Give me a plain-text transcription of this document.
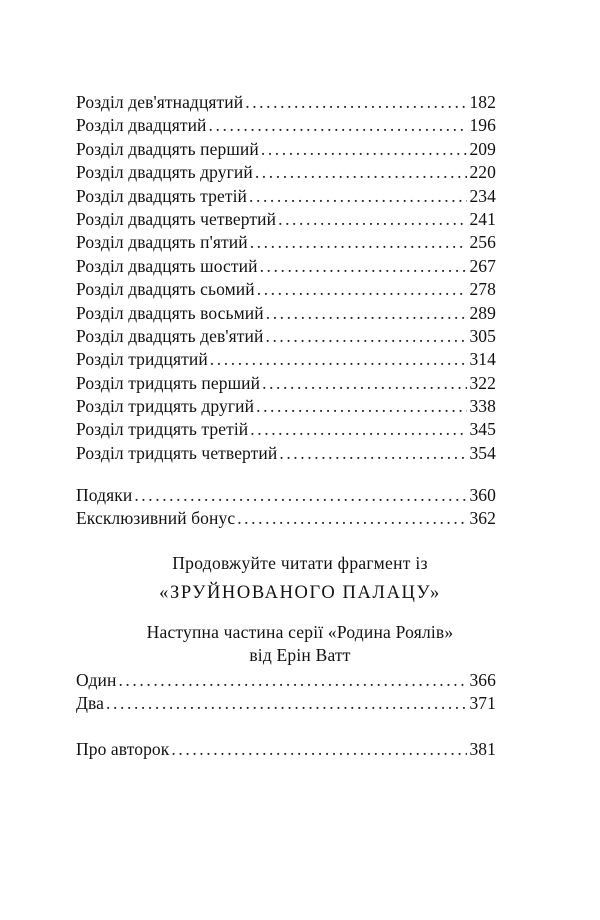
Розділ дев'ятнадцятий .....	182
Розділ двадцятий .....	196
Розділ двадцять перший .....	209
Розділ двадцять другий .....	220
Розділ двадцять третій .....	234
Розділ двадцять четвертий .....	241
Розділ двадцять п'ятий .....	256
Розділ двадцять шостий .....	267
Розділ двадцять сьомий .....	278
Розділ двадцять восьмий .....	289
Розділ двадцять дев'ятий .....	305
Розділ тридцятий .....	314
Розділ тридцять перший .....	322
Розділ тридцять другий .....	338
Розділ тридцять третій .....	345
Розділ тридцять четвертий .....	354
Подяки .....	360
Ексклюзивний бонус .....	362
Продовжуйте читати фрагмент із
«ЗРУЙНОВАНОГО ПАЛАЦУ»
Наступна частина серії «Родина Роялів»
від Ерін Ватт
Один .....	366
Два .....	371
Про авторок .....	381
